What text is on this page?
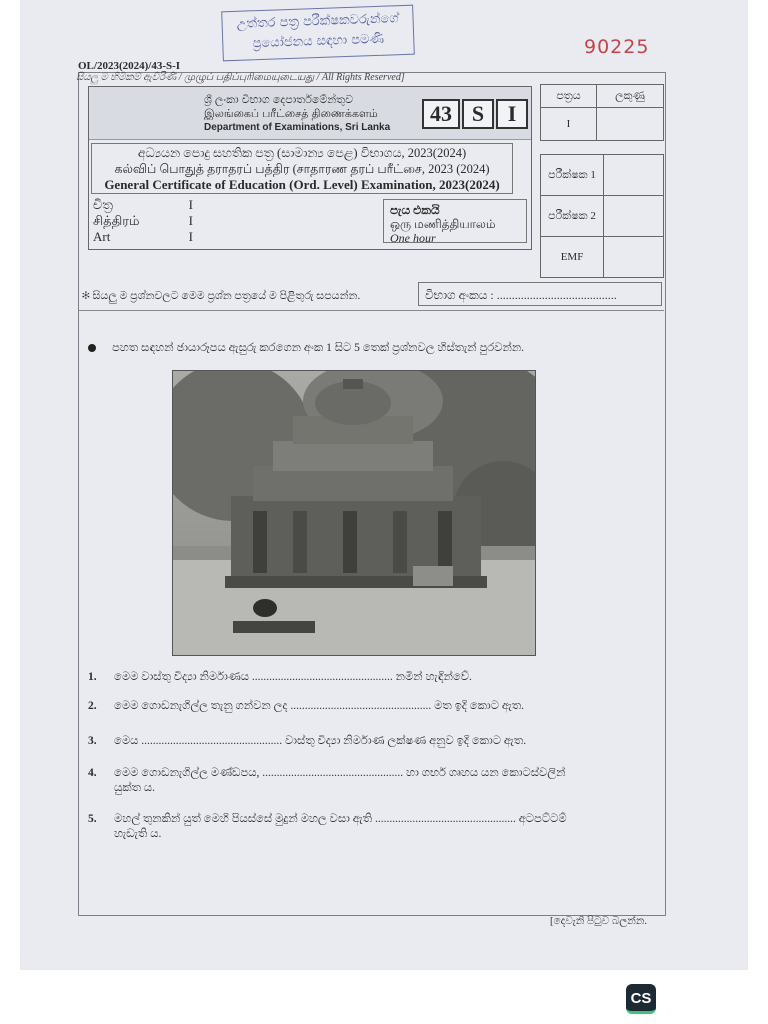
උත්තර පත්‍ර පරීක්ෂකවරුන්ගේ
ප්‍රයෝජනය සඳහා පමණි	90225
OL/2023(2024)/43-S-I
සියලු ම හිමිකම් ඇවිරිණි / முழுப் பதிப்புரிமையுடையது / All Rights Reserved]
ශ්‍රී ලංකා විභාග දෙපාර්තමේන්තුව
இலங்கைப் பரீட்சைத் திணைக்களம்
Department of Examinations, Sri Lanka
43 S	I
අධ්‍යයන පොදු සහතික පත්‍ර (සාමාන්‍ය පෙළ) විභාගය, 2023(2024)
கல்விப் பொதுத் தராதரப் பத்திர (சாதாரண தரப் பரீட்சை, 2023 (2024)
General Certificate of Education (Ord. Level) Examination, 2023(2024)
චිත්‍ර	I
சித்திரம்	I
Art	I
පැය එකයි
ஒரு மணித்தியாலம்
One hour
පත්‍රය	ලකුණු
I	
පරීක්ෂක 1	
පරීක්ෂක 2	
EMF	
✻ සියලු ම ප්‍රශ්නවලට මෙම ප්‍රශ්න පත්‍රයේ ම පිළිතුරු සපයන්න.	විභාග අංකය : ........................................
පහත සඳහන් ඡායාරූපය ඇසුරු කරගෙන අංක 1 සිට 5 තෙක් ප්‍රශ්නවල හිස්තැන් පුරවන්න.
1. මෙම වාස්තු විද්‍යා නිර්මාණය ................................................. නමින් හැඳින්වේ.
2. මෙම ගොඩනැගිල්ල තැනු ගන්වන ලද ................................................. මත ඉදි කොට ඇත.
3. මෙය ................................................. වාස්තු විද්‍යා නිර්මාණ ලක්ෂණ අනුව ඉදි කොට ඇත.
4. මෙම ගොඩනැගිල්ල මණ්ඩපය, ................................................. හා ගර්භ ගෘහය යන කොටස්වලින්
යුක්ත ය.
5. මහල් තුනකින් යුත් මෙහි පියස්සේ මුදුන් මහල වසා ඇති ................................................. අටපට්ටම්
හැඩැති ය.
[දෙවැනි පිටුව බලන්න.
CS
